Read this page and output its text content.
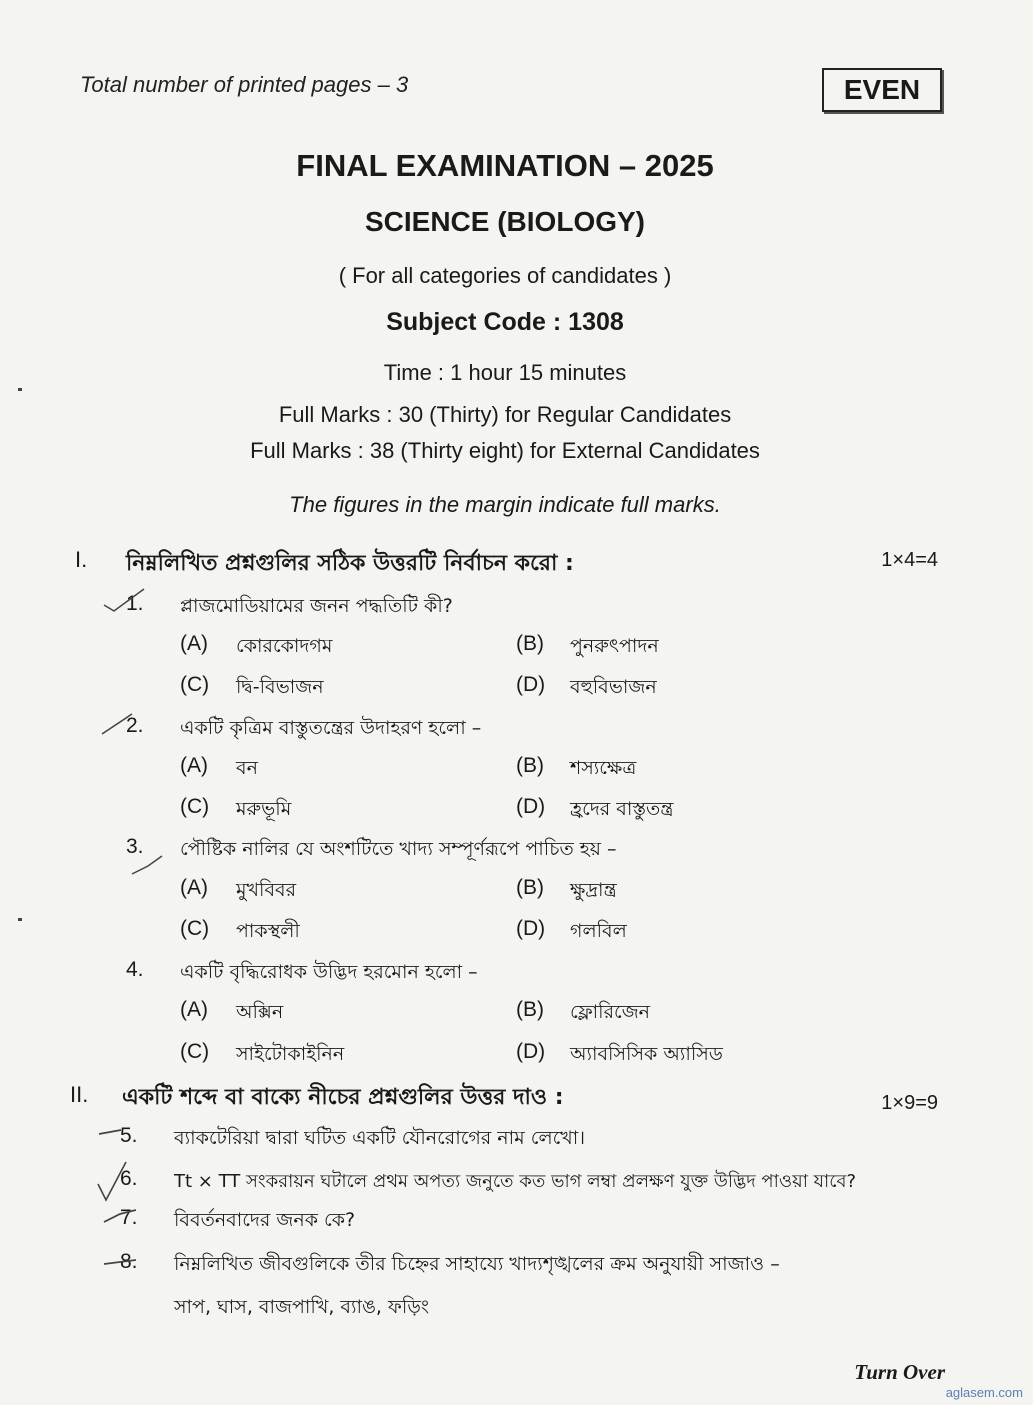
Total number of printed pages – 3	EVEN
FINAL EXAMINATION – 2025
SCIENCE (BIOLOGY)
( For all categories of candidates )
Subject Code : 1308
Time : 1 hour 15 minutes
Full Marks : 30 (Thirty) for Regular Candidates
Full Marks : 38 (Thirty eight) for External Candidates
The figures in the margin indicate full marks.
I. নিম্নলিখিত প্রশ্নগুলির সঠিক উত্তরটি নির্বাচন করো :	1×4=4
1. প্লাজমোডিয়ামের জনন পদ্ধতিটি কী?
(A) কোরকোদগম	(B) পুনরুৎপাদন
(C) দ্বি-বিভাজন	(D) বহুবিভাজন
2. একটি কৃত্রিম বাস্তুতন্ত্রের উদাহরণ হলো –
(A) বন	(B) শস্যক্ষেত্র
(C) মরুভূমি	(D) হ্রদের বাস্তুতন্ত্র
3. পৌষ্টিক নালির যে অংশটিতে খাদ্য সম্পূর্ণরূপে পাচিত হয় –
(A) মুখবিবর	(B) ক্ষুদ্রান্ত্র
(C) পাকস্থলী	(D) গলবিল
4. একটি বৃদ্ধিরোধক উদ্ভিদ হরমোন হলো –
(A) অক্সিন	(B) ফ্লোরিজেন
(C) সাইটোকাইনিন	(D) অ্যাবসিসিক অ্যাসিড
II. একটি শব্দে বা বাক্যে নীচের প্রশ্নগুলির উত্তর দাও :	1×9=9
5. ব্যাকটেরিয়া দ্বারা ঘটিত একটি যৌনরোগের নাম লেখো।
6. Tt × TT সংকরায়ন ঘটালে প্রথম অপত্য জনুতে কত ভাগ লম্বা প্রলক্ষণ যুক্ত উদ্ভিদ পাওয়া যাবে?
7. বিবর্তনবাদের জনক কে?
8. নিম্নলিখিত জীবগুলিকে তীর চিহ্নের সাহায্যে খাদ্যশৃঙ্খলের ক্রম অনুযায়ী সাজাও –
সাপ, ঘাস, বাজপাখি, ব্যাঙ, ফড়িং
Turn Over
aglasem.com
